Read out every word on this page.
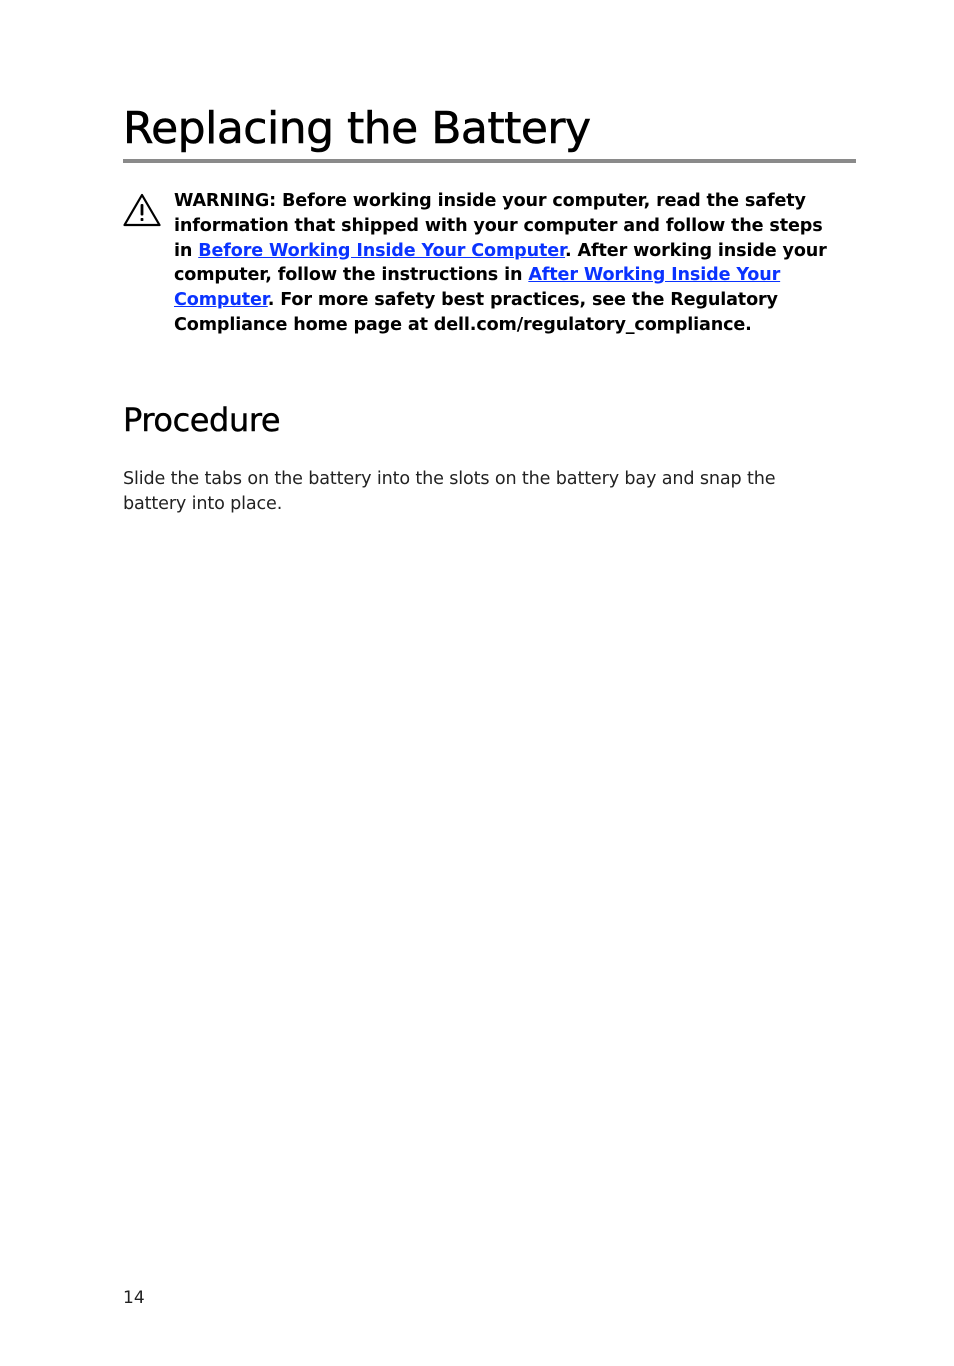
Replacing the Battery

WARNING: Before working inside your computer, read the safety information that shipped with your computer and follow the steps in Before Working Inside Your Computer. After working inside your computer, follow the instructions in After Working Inside Your Computer. For more safety best practices, see the Regulatory Compliance home page at dell.com/regulatory_compliance.

Procedure

Slide the tabs on the battery into the slots on the battery bay and snap the battery into place.

14
